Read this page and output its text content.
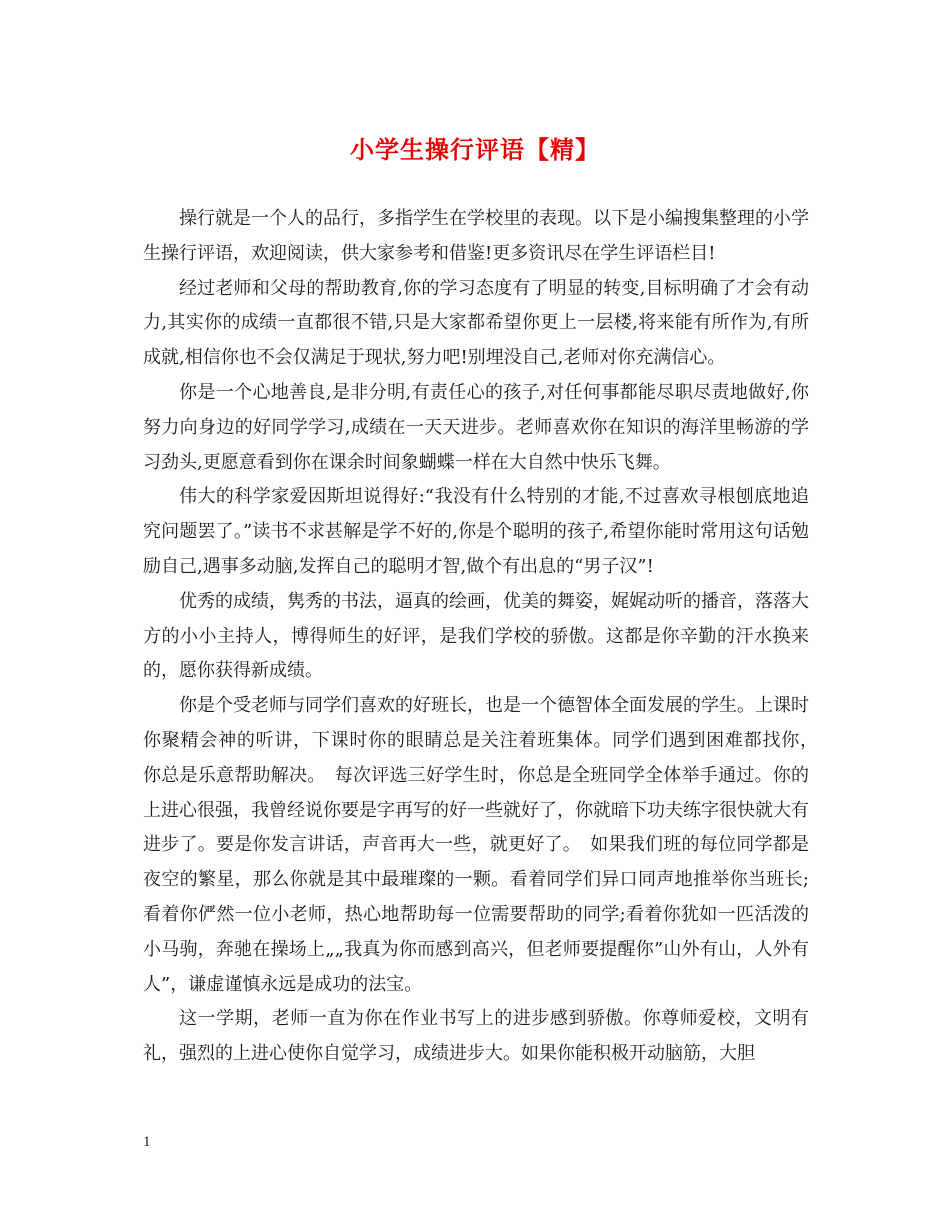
小学生操行评语【精】

操行就是一个人的品行，多指学生在学校里的表现。以下是小编搜集整理的小学生操行评语，欢迎阅读，供大家参考和借鉴!更多资讯尽在学生评语栏目!

经过老师和父母的帮助教育,你的学习态度有了明显的转变,目标明确了才会有动力,其实你的成绩一直都很不错,只是大家都希望你更上一层楼,将来能有所作为,有所成就,相信你也不会仅满足于现状,努力吧!别埋没自己,老师对你充满信心。

你是一个心地善良,是非分明,有责任心的孩子,对任何事都能尽职尽责地做好,你努力向身边的好同学学习,成绩在一天天进步。老师喜欢你在知识的海洋里畅游的学习劲头,更愿意看到你在课余时间象蝴蝶一样在大自然中快乐飞舞。

伟大的科学家爱因斯坦说得好:“我没有什么特别的才能,不过喜欢寻根刨底地追究问题罢了。”读书不求甚解是学不好的,你是个聪明的孩子,希望你能时常用这句话勉励自己,遇事多动脑,发挥自己的聪明才智,做个有出息的“男子汉”!

优秀的成绩，隽秀的书法，逼真的绘画，优美的舞姿，娓娓动听的播音，落落大方的小小主持人，博得师生的好评，是我们学校的骄傲。这都是你辛勤的汗水换来的，愿你获得新成绩。

你是个受老师与同学们喜欢的好班长，也是一个德智体全面发展的学生。上课时你聚精会神的听讲，下课时你的眼睛总是关注着班集体。同学们遇到困难都找你，　你总是乐意帮助解决。　每次评选三好学生时，你总是全班同学全体举手通过。你的上进心很强，我曾经说你要是字再写的好一些就好了，你就暗下功夫练字很快就大有进步了。要是你发言讲话，声音再大一些，就更好了。　如果我们班的每位同学都是夜空的繁星，那么你就是其中最璀璨的一颗。看着同学们异口同声地推举你当班长;看着你俨然一位小老师，热心地帮助每一位需要帮助的同学;看着你犹如一匹活泼的小马驹，奔驰在操场上„„我真为你而感到高兴，但老师要提醒你”山外有山，人外有人”，谦虚谨慎永远是成功的法宝。

这一学期，老师一直为你在作业书写上的进步感到骄傲。你尊师爱校，文明有礼，强烈的上进心使你自觉学习，成绩进步大。如果你能积极开动脑筋，大胆

1
